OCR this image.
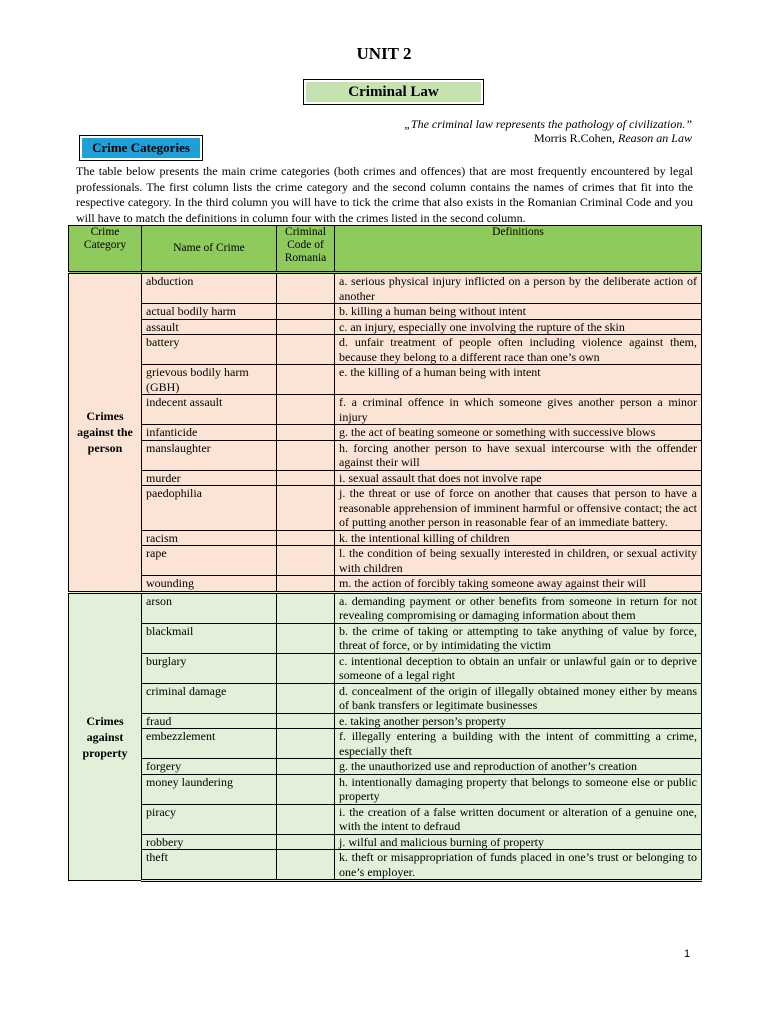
UNIT 2
Criminal Law
„The criminal law represents the pathology of civilization.”
Morris R.Cohen, Reason an Law
Crime Categories

The table below presents the main crime categories (both crimes and offences) that are most frequently encountered by legal professionals. The first column lists the crime category and the second column contains the names of crimes that fit into the respective category. In the third column you will have to tick the crime that also exists in the Romanian Criminal Code and you will have to match the definitions in column four with the crimes listed in the second column.

Crime Category	Name of Crime	Criminal Code of Romania	Definitions
Crimes against the person	abduction		a. serious physical injury inflicted on a person by the deliberate action of another
	actual bodily harm		b. killing a human being without intent
	assault		c. an injury, especially one involving the rupture of the skin
	battery		d. unfair treatment of people often including violence against them, because they belong to a different race than one’s own
	grievous bodily harm (GBH)		e. the killing of a human being with intent
	indecent assault		f. a criminal offence in which someone gives another person a minor injury
	infanticide		g. the act of beating someone or something with successive blows
	manslaughter		h. forcing another person to have sexual intercourse with the offender against their will
	murder		i. sexual assault that does not involve rape
	paedophilia		j. the threat or use of force on another that causes that person to have a reasonable apprehension of imminent harmful or offensive contact; the act of putting another person in reasonable fear of an immediate battery.
	racism		k. the intentional killing of children
	rape		l. the condition of being sexually interested in children, or sexual activity with children
	wounding		m. the action of forcibly taking someone away against their will
Crimes against property	arson		a. demanding payment or other benefits from someone in return for not revealing compromising or damaging information about them
	blackmail		b. the crime of taking or attempting to take anything of value by force, threat of force, or by intimidating the victim
	burglary		c. intentional deception to obtain an unfair or unlawful gain or to deprive someone of a legal right
	criminal damage		d. concealment of the origin of illegally obtained money either by means of bank transfers or legitimate businesses
	fraud		e. taking another person’s property
	embezzlement		f. illegally entering a building with the intent of committing a crime, especially theft
	forgery		g. the unauthorized use and reproduction of another’s creation
	money laundering		h. intentionally damaging property that belongs to someone else or public property
	piracy		i. the creation of a false written document or alteration of a genuine one, with the intent to defraud
	robbery		j. wilful and malicious burning of property
	theft		k. theft or misappropriation of funds placed in one’s trust or belonging to one’s employer.
1
